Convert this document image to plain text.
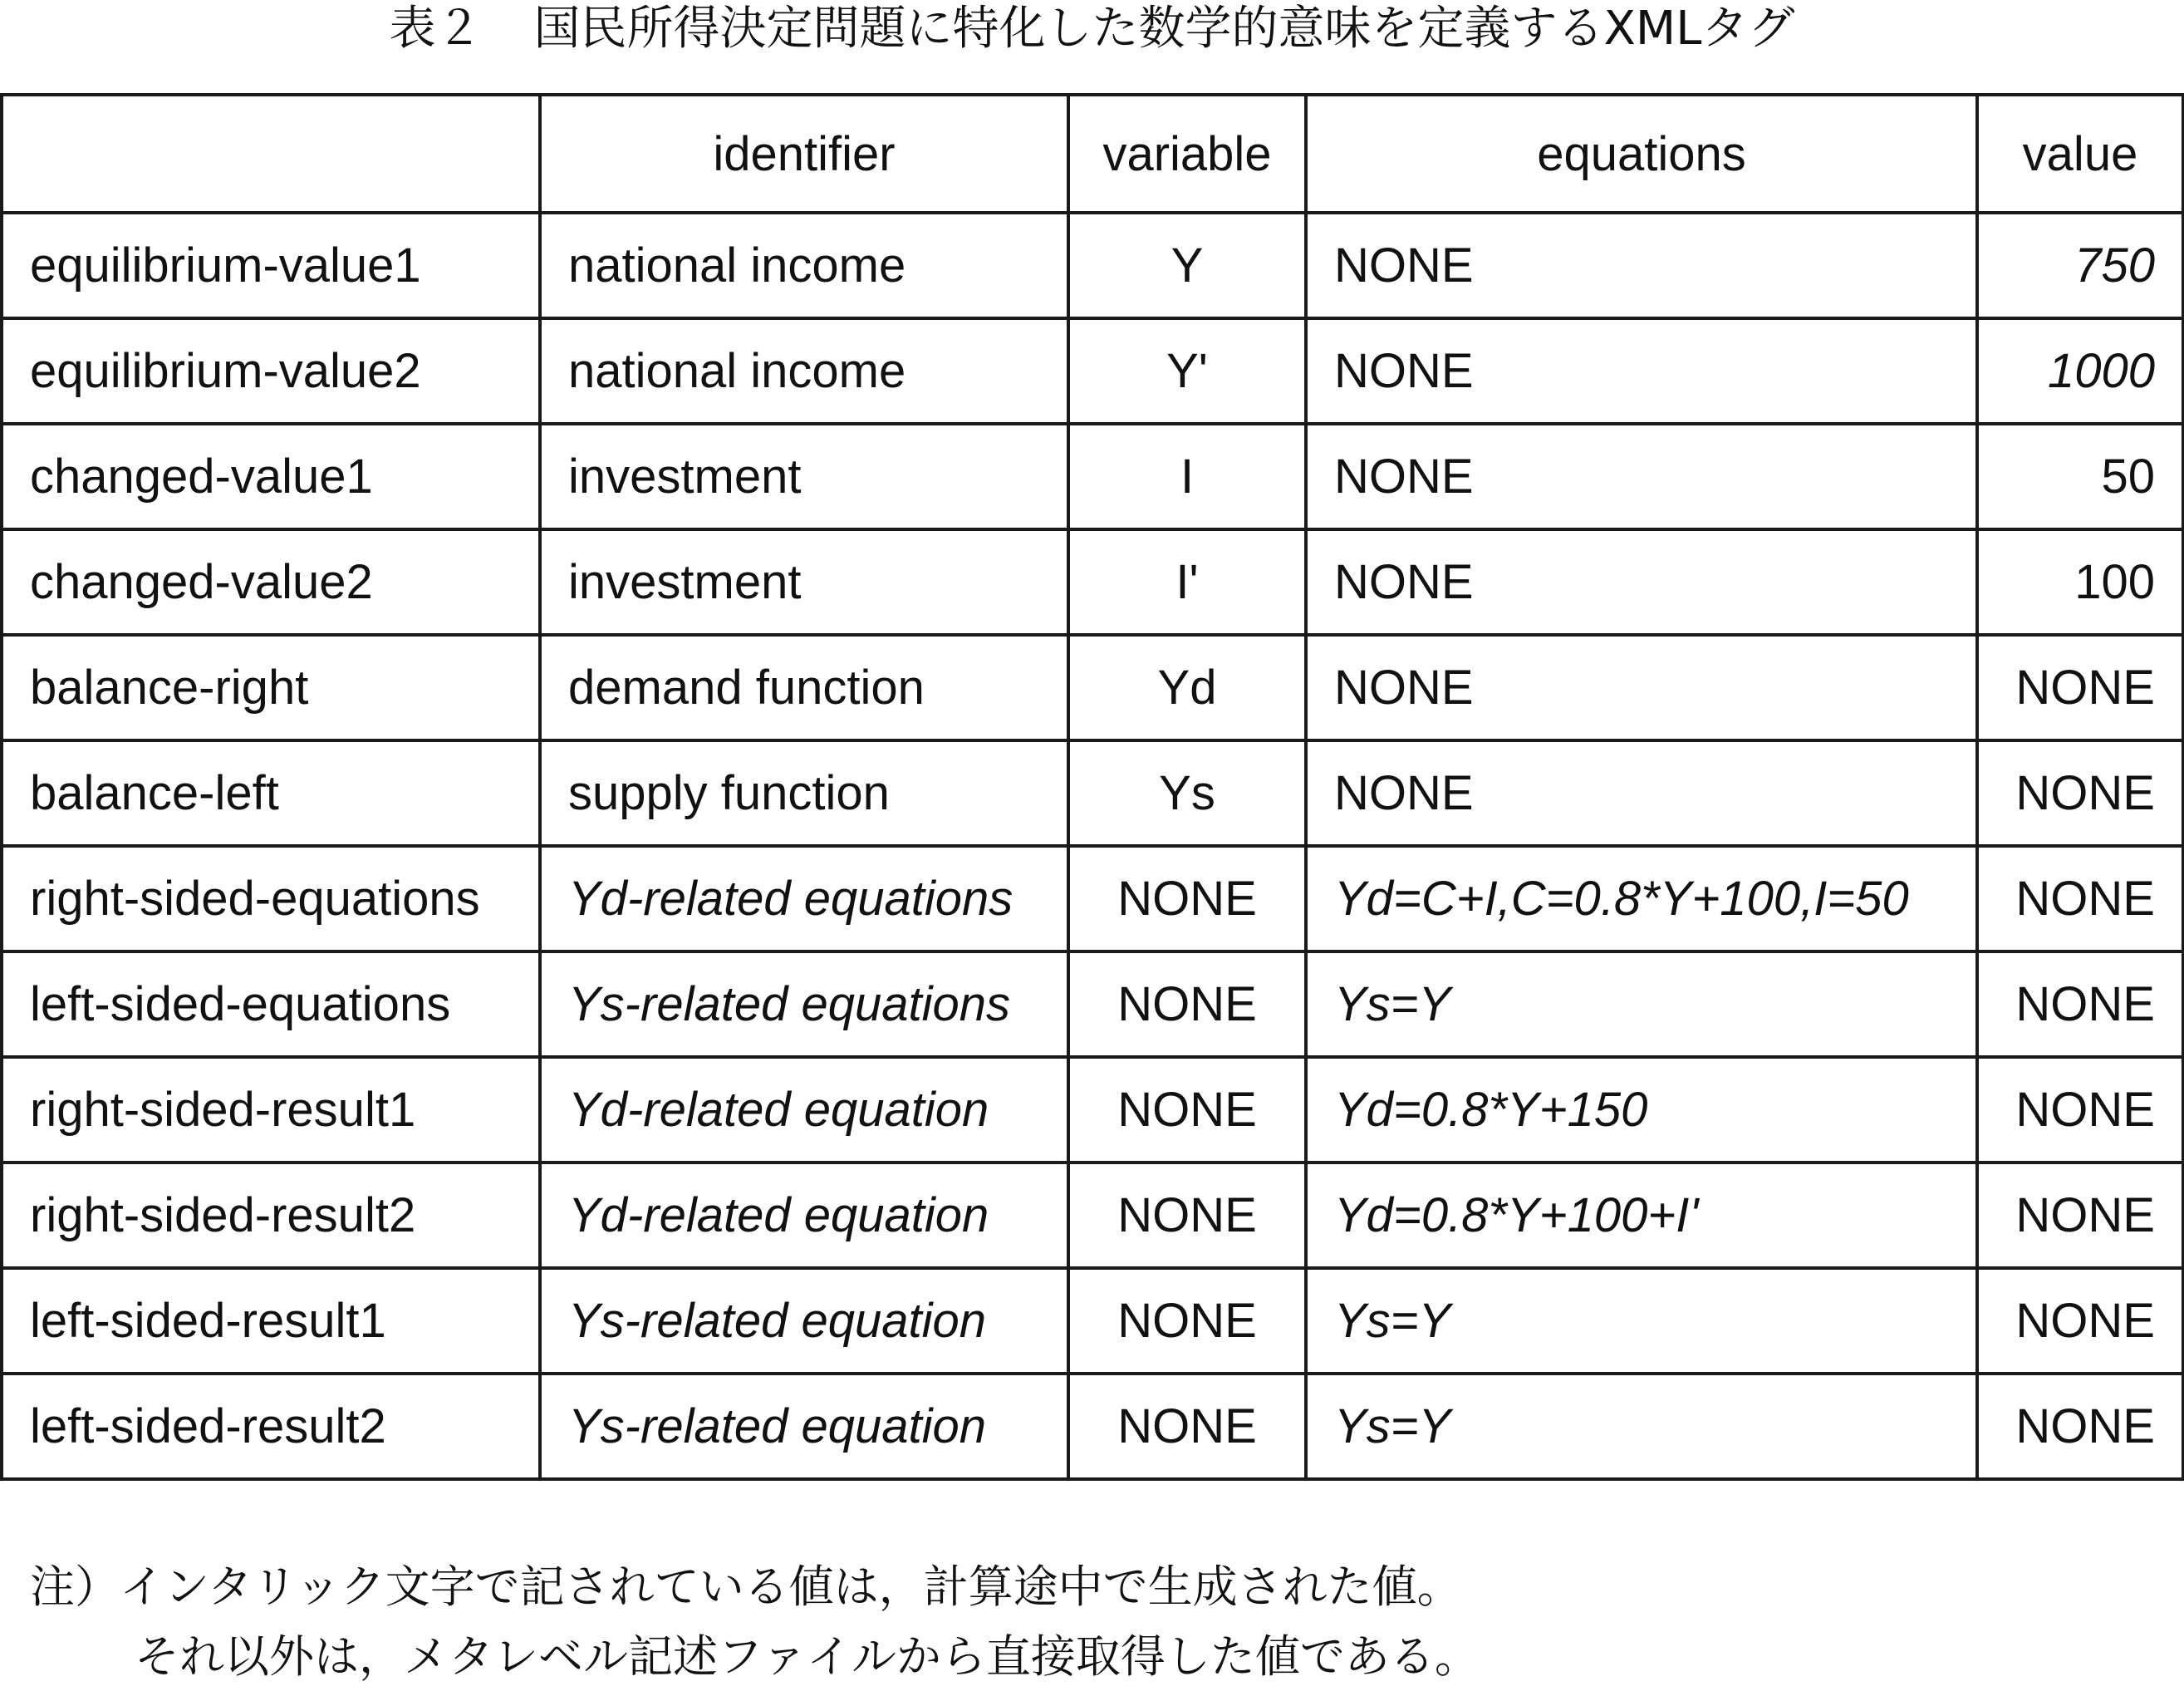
表２ 国民所得決定問題に特化した数学的意味を定義するXMLタグ
	identifier	variable	equations	value
equilibrium-value1	national income	Y	NONE	750
equilibrium-value2	national income	Y'	NONE	1000
changed-value1	investment	I	NONE	50
changed-value2	investment	I'	NONE	100
balance-right	demand function	Yd	NONE	NONE
balance-left	supply function	Ys	NONE	NONE
right-sided-equations	Yd-related equations	NONE	Yd=C+I,C=0.8*Y+100,I=50	NONE
left-sided-equations	Ys-related equations	NONE	Ys=Y	NONE
right-sided-result1	Yd-related equation	NONE	Yd=0.8*Y+150	NONE
right-sided-result2	Yd-related equation	NONE	Yd=0.8*Y+100+I'	NONE
left-sided-result1	Ys-related equation	NONE	Ys=Y	NONE
left-sided-result2	Ys-related equation	NONE	Ys=Y	NONE
注）インタリック文字で記されている値は，計算途中で生成された値。
それ以外は，メタレベル記述ファイルから直接取得した値である。
